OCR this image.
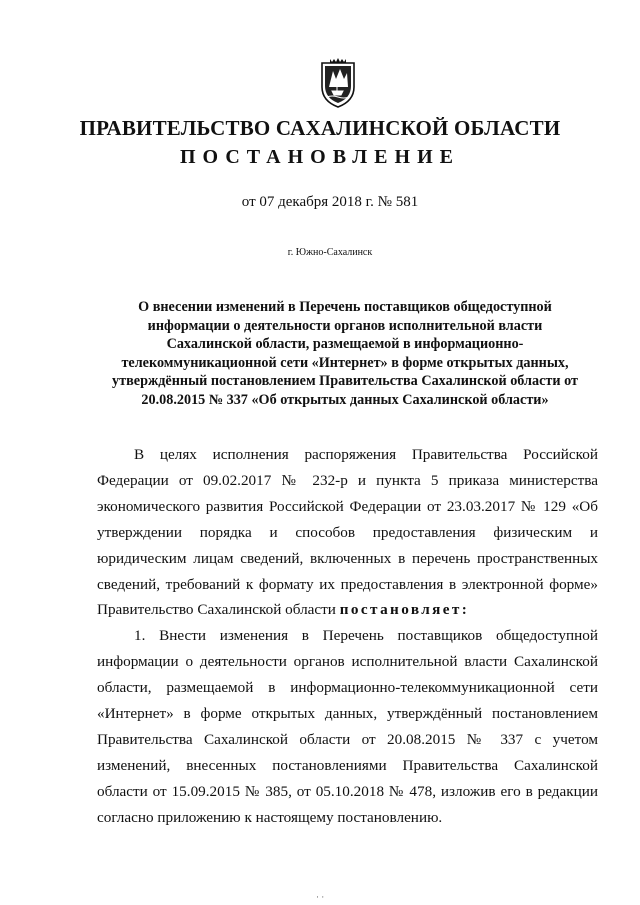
ПРАВИТЕЛЬСТВО САХАЛИНСКОЙ ОБЛАСТИ
ПОСТАНОВЛЕНИЕ
от 07 декабря 2018 г. № 581
г. Южно-Сахалинск
О внесении изменений в Перечень поставщиков общедоступной информации о деятельности органов исполнительной власти Сахалинской области, размещаемой в информационно-телекоммуникационной сети «Интернет» в форме открытых данных, утверждённый постановлением Правительства Сахалинской области от 20.08.2015 № 337 «Об открытых данных Сахалинской области»

В целях исполнения распоряжения Правительства Российской Федерации от 09.02.2017 № 232-р и пункта 5 приказа министерства экономического развития Российской Федерации от 23.03.2017 № 129 «Об утверждении порядка и способов предоставления физическим и юридическим лицам сведений, включенных в перечень пространственных сведений, требований к формату их предоставления в электронной форме» Правительство Сахалинской области постановляет:

1. Внести изменения в Перечень поставщиков общедоступной информации о деятельности органов исполнительной власти Сахалинской области, размещаемой в информационно-телекоммуникационной сети «Интернет» в форме открытых данных, утверждённый постановлением Правительства Сахалинской области от 20.08.2015 № 337 с учетом изменений, внесенных постановлениями Правительства Сахалинской области от 15.09.2015 № 385, от 05.10.2018 № 478, изложив его в редакции согласно приложению к настоящему постановлению.

· ·
